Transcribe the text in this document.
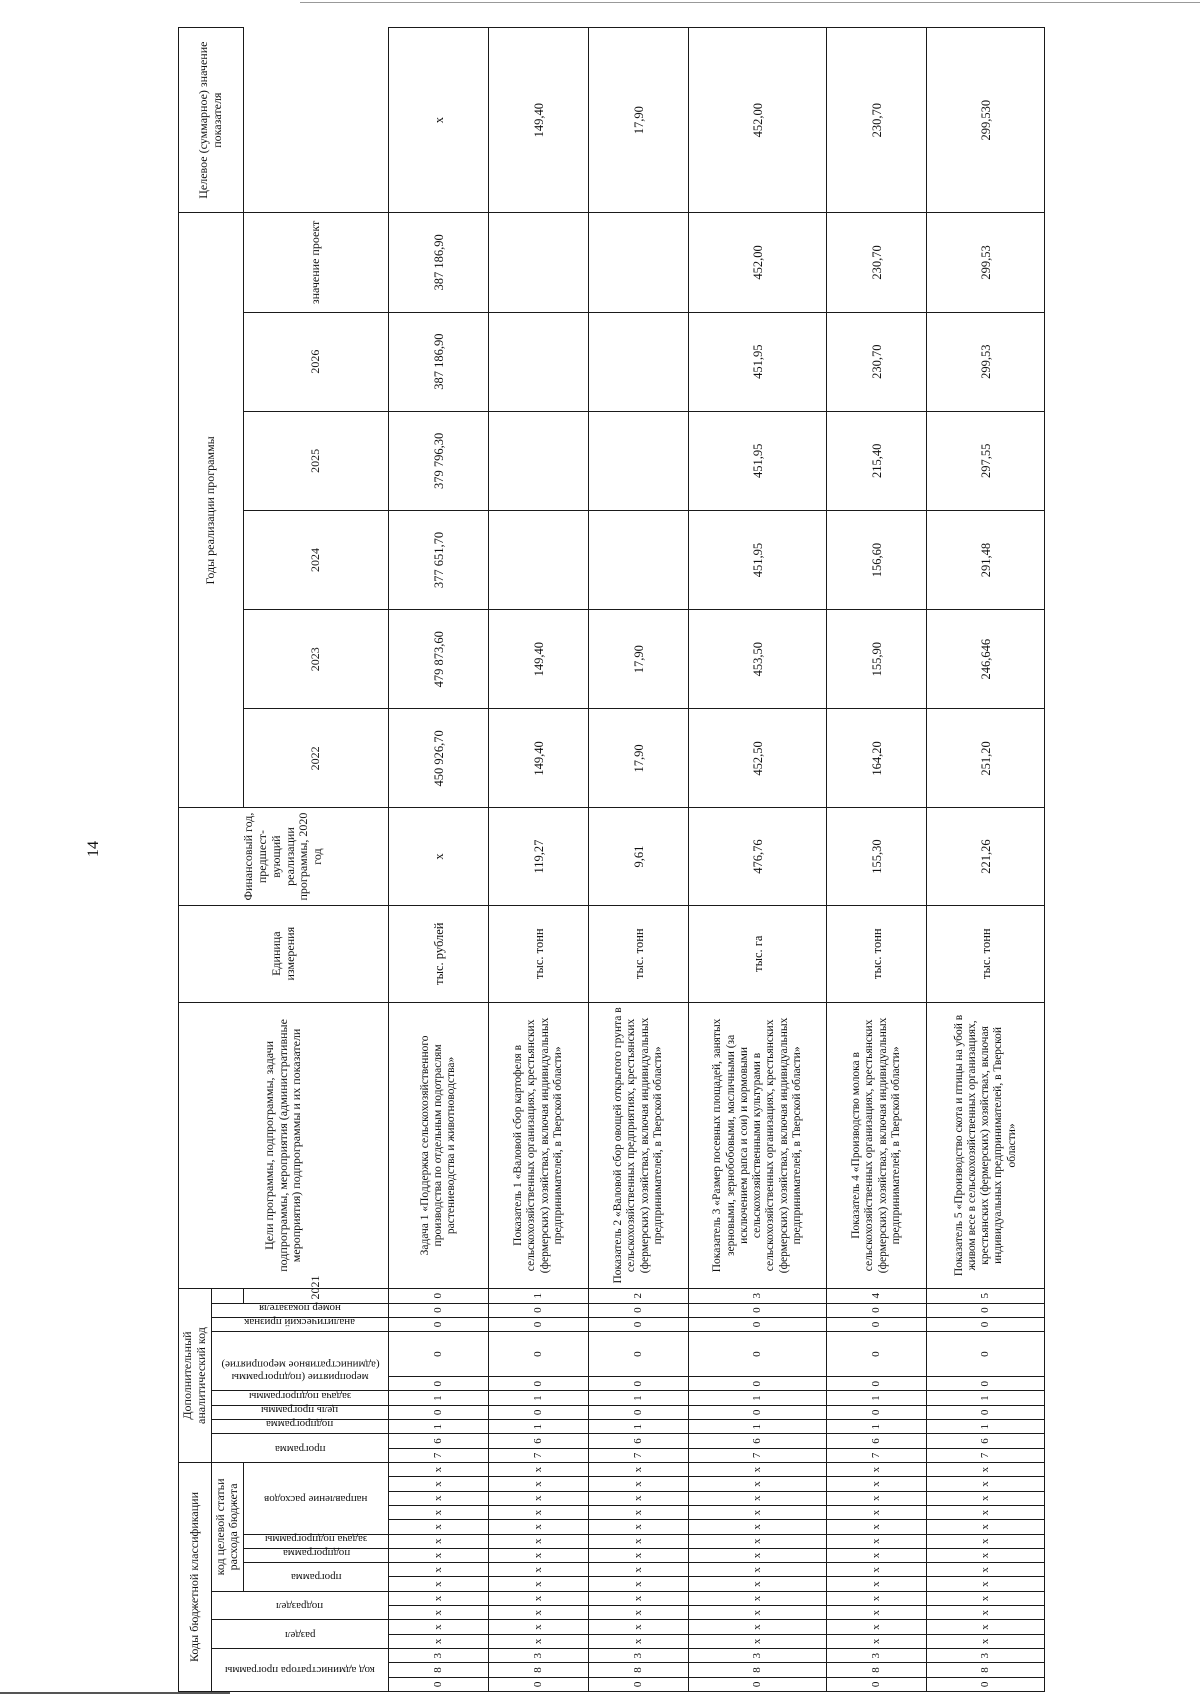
14
Коды бюджетной классификации																Дополнительный аналитический код										Цели программы, подпрограммы, задачи подпрограммы, мероприятия (административные мероприятия) подпрограммы и их показатели	Единица измерения	Финансовый год, предшест-вующий реализации программы, 2020 год	Годы реализации программы						Целевое (суммарное) значение показателя

код администратора программы			раздел		подраздел		код целевой статьи расхода бюджета									программа		подпрограмма	цель программы	задача подпрограммы	мероприятие (подпрограммы (административное мероприятие)		аналитический признак	номер показателя											

							программа		подпрограмма	задача подпрограммы	направление расходов														2021				2022	2023	2024	2025	2026	значение проект	
0	8	3	x	x	x	x	x	x	x	x	x	x	x	x	x	7	6	1	0	1	0	0	0	0	0	Задача 1 «Поддержка сельскохозяйственного производства по отдельным подотраслям растениеводства и животноводства»	тыс. рублей	x	450 926,70	479 873,60	377 651,70	379 796,30	387 186,90	387 186,90	x
0	8	3	x	x	x	x	x	x	x	x	x	x	x	x	x	7	6	1	0	1	0	0	0	0	1	Показатель 1 «Валовой сбор картофеля в сельскохозяйственных организациях, крестьянских (фермерских) хозяйствах, включая индивидуальных предпринимателей, в Тверской области»	тыс. тонн	119,27	149,40	149,40					149,40
0	8	3	x	x	x	x	x	x	x	x	x	x	x	x	x	7	6	1	0	1	0	0	0	0	2	Показатель 2 «Валовой сбор овощей открытого грунта в сельскохозяйственных предприятиях, крестьянских (фермерских) хозяйствах, включая индивидуальных предпринимателей, в Тверской области»	тыс. тонн	9,61	17,90	17,90					17,90
0	8	3	x	x	x	x	x	x	x	x	x	x	x	x	x	7	6	1	0	1	0	0	0	0	3	Показатель 3 «Размер посевных площадей, занятых зерновыми, зернобобовыми, масличными (за исключением рапса и сои) и кормовыми сельскохозяйственными культурами в сельскохозяйственных организациях, крестьянских (фермерских) хозяйствах, включая индивидуальных предпринимателей, в Тверской области»	тыс. га	476,76	452,50	453,50	451,95	451,95	451,95	452,00	452,00
0	8	3	x	x	x	x	x	x	x	x	x	x	x	x	x	7	6	1	0	1	0	0	0	0	4	Показатель 4 «Производство молока в сельскохозяйственных организациях, крестьянских (фермерских) хозяйствах, включая индивидуальных предпринимателей, в Тверской области»	тыс. тонн	155,30	164,20	155,90	156,60	215,40	230,70	230,70	230,70
0	8	3	x	x	x	x	x	x	x	x	x	x	x	x	x	7	6	1	0	1	0	0	0	0	5	Показатель 5 «Производство скота и птицы на убой в живом весе в сельскохозяйственных организациях, крестьянских (фермерских) хозяйствах, включая индивидуальных предпринимателей, в Тверской области»	тыс. тонн	221,26	251,20	246,646	291,48	297,55	299,53	299,53	299,530
